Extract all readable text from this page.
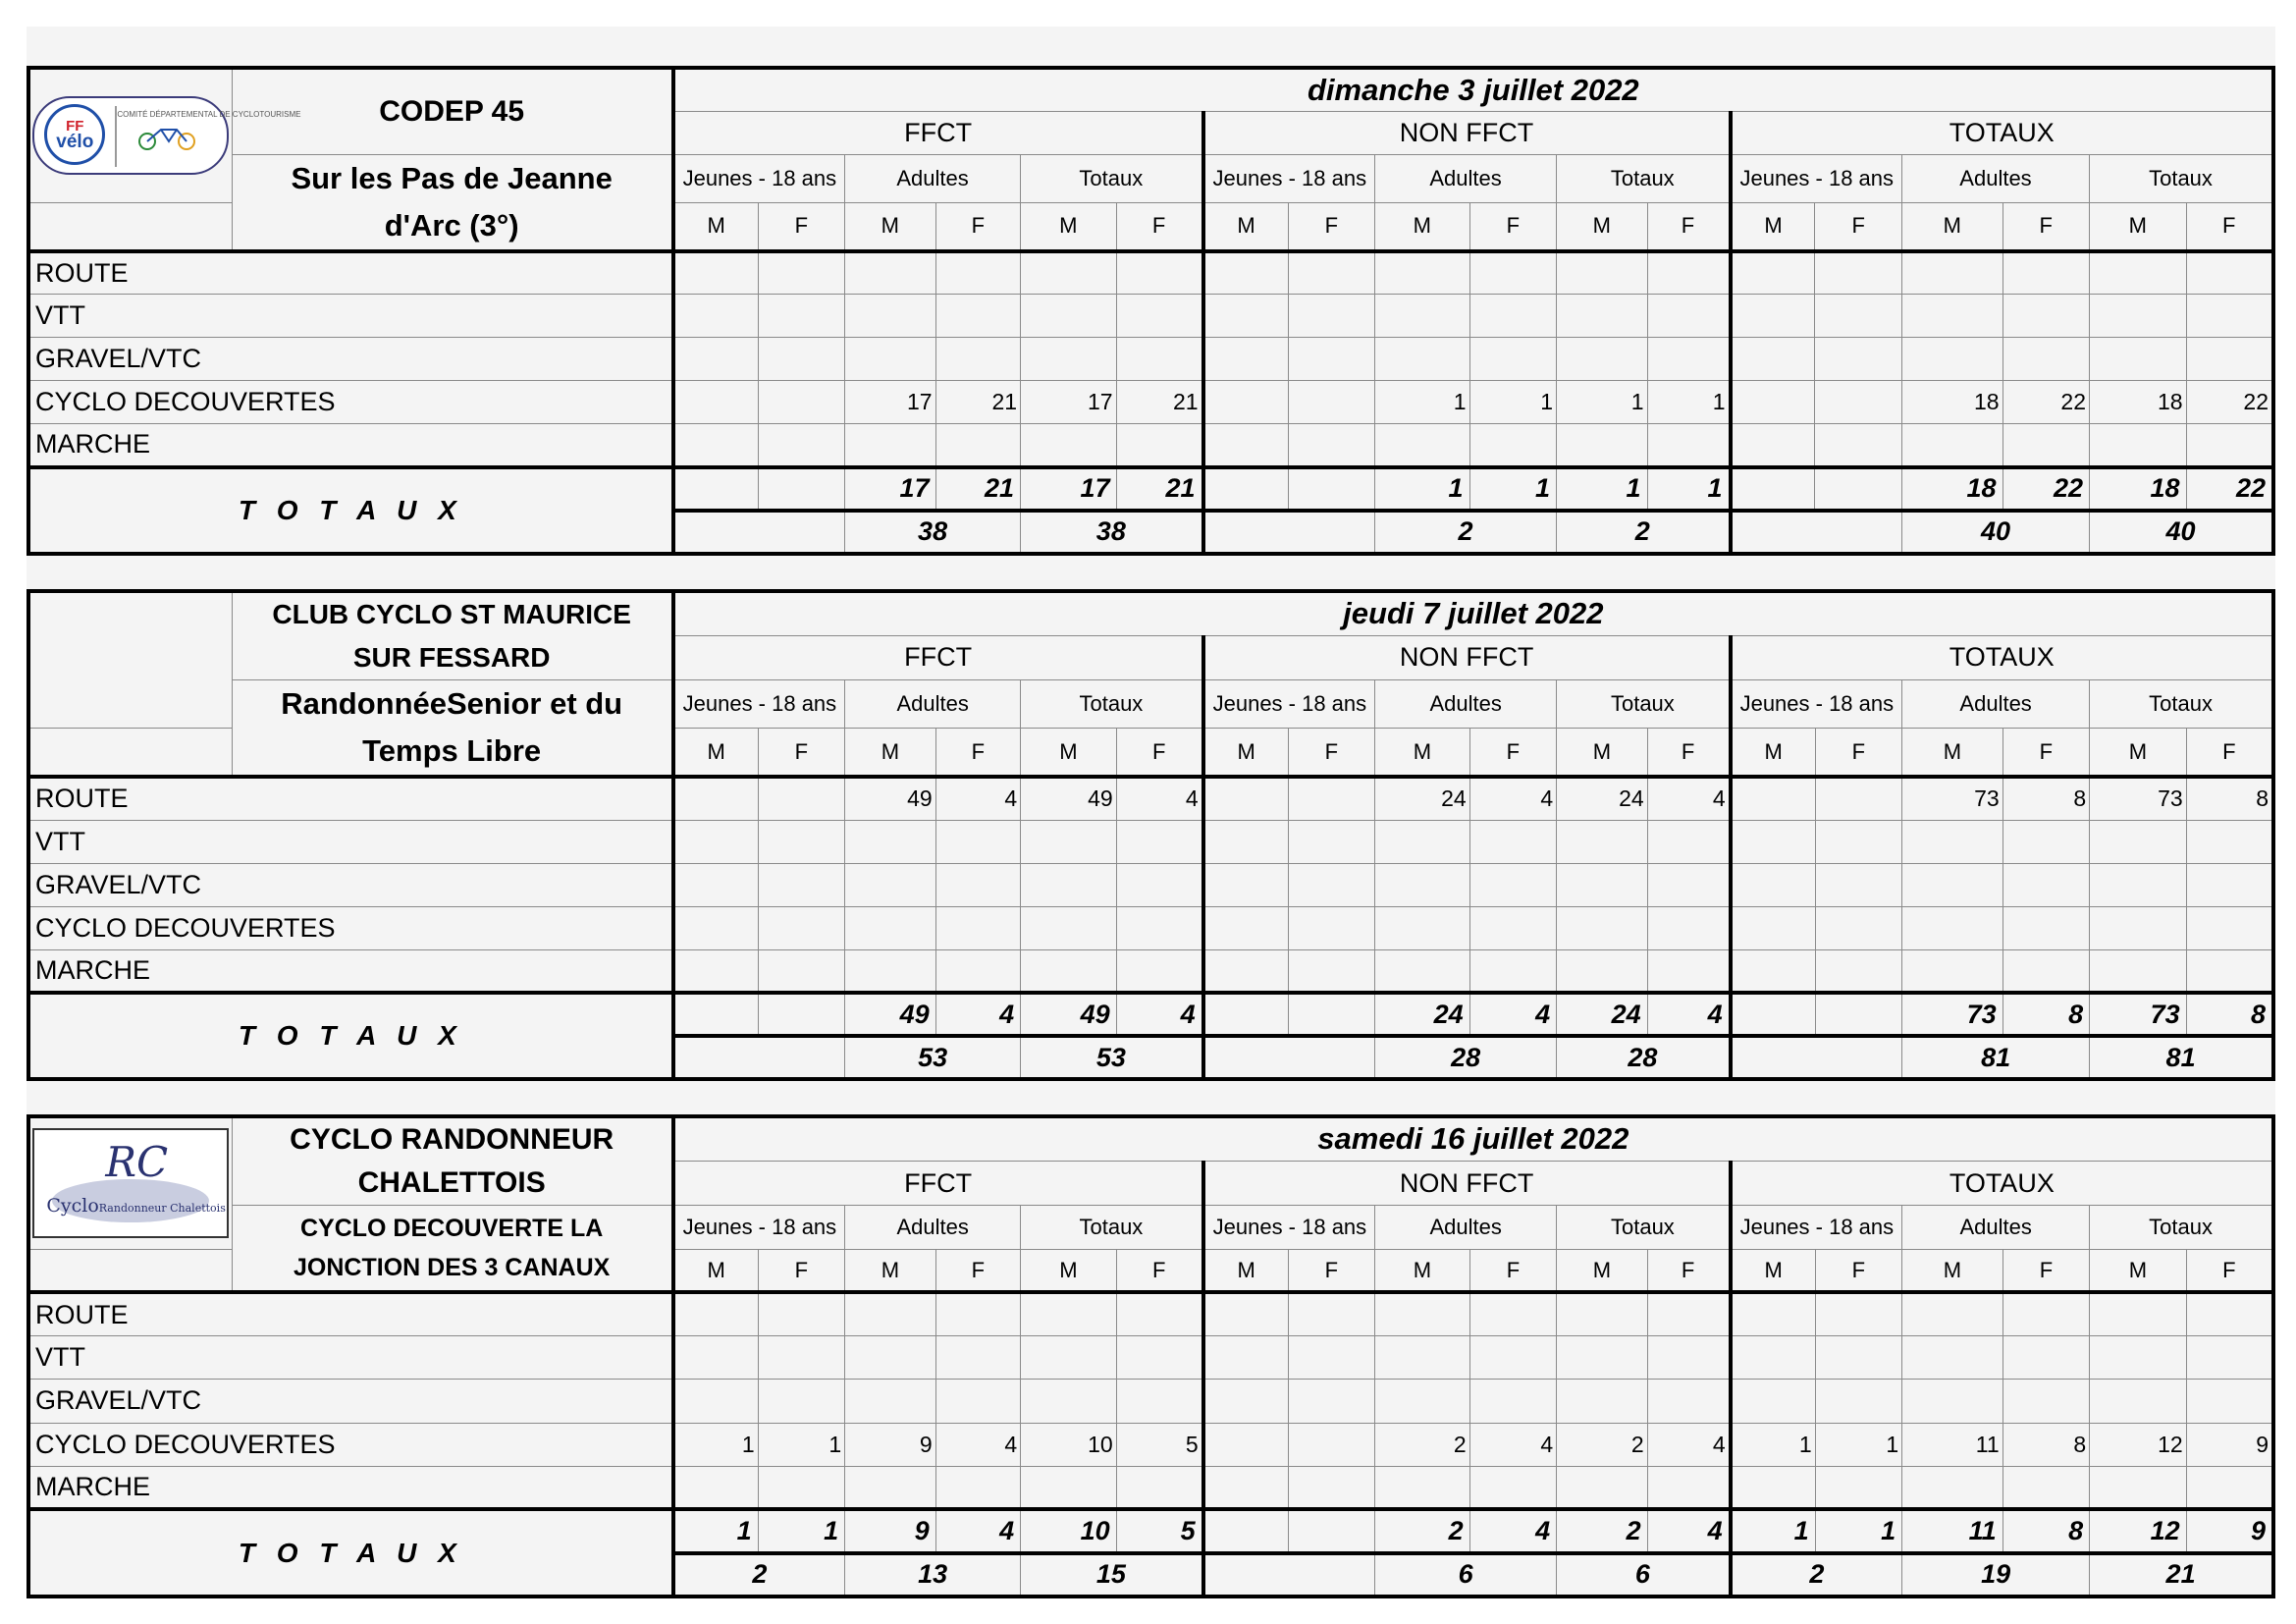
FF
vélo
COMITÉ DÉPARTEMENTAL DE CYCLOTOURISME	CODEP 45	dimanche 3 juillet 2022																	
		FFCT						NON FFCT						TOTAUX					
	Sur les Pas de Jeanne
d'Arc (3°)	Jeunes - 18 ans		Adultes		Totaux		Jeunes - 18 ans		Adultes		Totaux		Jeunes - 18 ans		Adultes		Totaux	
		M	F	M	F	M	F	M	F	M	F	M	F	M	F	M	F	M	F
ROUTE																			
VTT																			
GRAVEL/VTC																			
CYCLO DECOUVERTES				17	21	17	21			1	1	1	1			18	22	18	22
MARCHE																			
T O T A U X				17	21	17	21			1	1	1	1			18	22	18	22
				38		38				2		2				40		40	
	CLUB CYCLO ST MAURICE
SUR FESSARD	jeudi 7 juillet 2022																	
		FFCT						NON FFCT						TOTAUX					
	RandonnéeSenior et du
Temps Libre	Jeunes - 18 ans		Adultes		Totaux		Jeunes - 18 ans		Adultes		Totaux		Jeunes - 18 ans		Adultes		Totaux	
		M	F	M	F	M	F	M	F	M	F	M	F	M	F	M	F	M	F
ROUTE				49	4	49	4			24	4	24	4			73	8	73	8
VTT																			
GRAVEL/VTC																			
CYCLO DECOUVERTES																			
MARCHE																			
T O T A U X				49	4	49	4			24	4	24	4			73	8	73	8
				53		53				28		28				81		81	
RC
CycloRandonneur Chalettois	CYCLO RANDONNEUR
CHALETTOIS	samedi 16 juillet 2022																	
		FFCT						NON FFCT						TOTAUX					
	CYCLO DECOUVERTE LA
JONCTION DES 3 CANAUX	Jeunes - 18 ans		Adultes		Totaux		Jeunes - 18 ans		Adultes		Totaux		Jeunes - 18 ans		Adultes		Totaux	
		M	F	M	F	M	F	M	F	M	F	M	F	M	F	M	F	M	F
ROUTE																			
VTT																			
GRAVEL/VTC																			
CYCLO DECOUVERTES		1	1	9	4	10	5			2	4	2	4	1	1	11	8	12	9
MARCHE																			
T O T A U X		1	1	9	4	10	5			2	4	2	4	1	1	11	8	12	9
		2		13		15				6		6		2		19		21	
